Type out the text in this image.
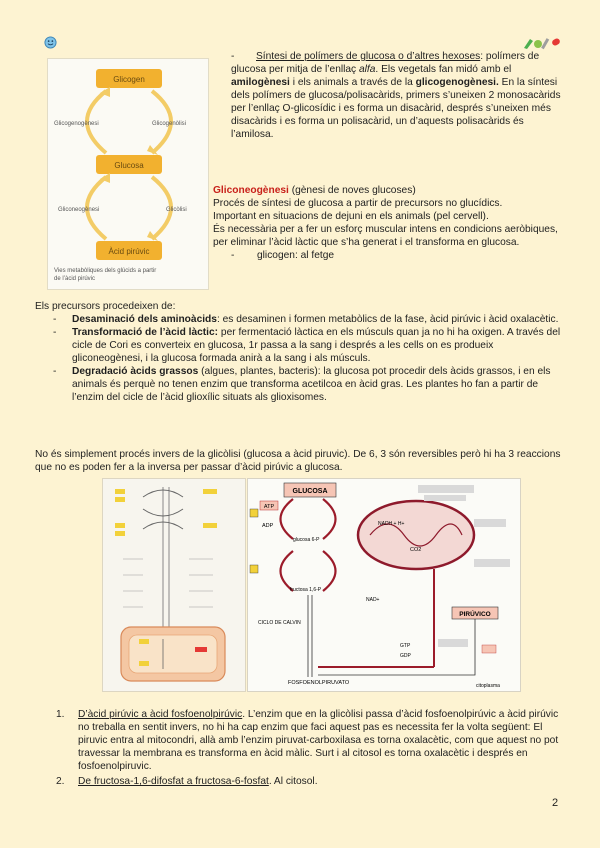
Glicogen
Glucosa
Àcid pirúvic
Glicogenogènesi	Glicogenòlisi
Gliconeogènesi	Glicòlisi
Vies metabòliques dels glúcids a partir
de l’àcid pirúvic
- Síntesi de polímers de glucosa o d’altres hexoses: polímers de glucosa per mitja de l’enllaç alfa. Els vegetals fan midó amb el amilogènesi i els animals a través de la glicogenogènesi. En la síntesi dels polímers de glucosa/polisacàrids, primers s’uneixen 2 monosacàrids per l’enllaç O-glicosídic i es forma un disacàrid, després s’uneixen més disacàrids i es forma un polisacàrid, un d’aquests polisacàrids és l’amilosa.
Gliconeogènesi (gènesi de noves glucoses)
Procés de síntesi de glucosa a partir de precursors no glucídics.
Important en situacions de dejuni en els animals (pel cervell).
És necessària per a fer un esforç muscular intens en condicions aeròbiques, per eliminar l’àcid làctic que s’ha generat i el transforma en glucosa.
- glicogen: al fetge
Els precursors procedeixen de:
- Desaminació dels aminoàcids: es desaminen i formen metabòlics de la fase, àcid pirúvic i àcid oxalacètic.
- Transformació de l’àcid làctic: per fermentació làctica en els músculs quan ja no hi ha oxigen. A través del cicle de Cori es converteix en glucosa, 1r passa a la sang i després a les cells on es produeix gliconeogènesi, i la glucosa formada anirà a la sang i als músculs.
- Degradació àcids grassos (algues, plantes, bacteris): la glucosa pot procedir dels àcids grassos, i en els animals és perquè no tenen enzim que transforma acetilcoa en àcid gras. Les plantes ho fan a partir de l’enzim del cicle de l’àcid glioxílic situats als glioxisomes.
No és simplement procés invers de la glicòlisi (glucosa a àcid piruvic). De 6, 3 són reversibles però hi ha 3 reaccions que no es poden fer a la inversa per passar d’àcid pirúvic a glucosa.
GLUCOSA
ATP
ADP
glucosa 6-P
fructosa 1,6-P
CICLO DE CALVIN
FOSFOENOLPIRUVATO
NADH + H+
CO2
PIRÚVICO
NAD+
GTP
GDP
citoplasma
1. D’àcid pirúvic a àcid fosfoenolpirúvic. L’enzim que en la glicòlisi passa d’àcid fosfoenolpirúvic a àcid pirúvic no treballa en sentit invers, no hi ha cap enzim que faci aquest pas es necessita fer la volta següent: El piruvic entra al mitocondri, allà amb l’enzim piruvat-carboxilasa es torna oxalacètic, com que aquest no pot travessar la membrana es transforma en àcid màlic. Surt i al citosol es torna oxalacètic i després en fosfoenolpiruvic.
2. De fructosa-1,6-difosfat a fructosa-6-fosfat. Al citosol.
2
